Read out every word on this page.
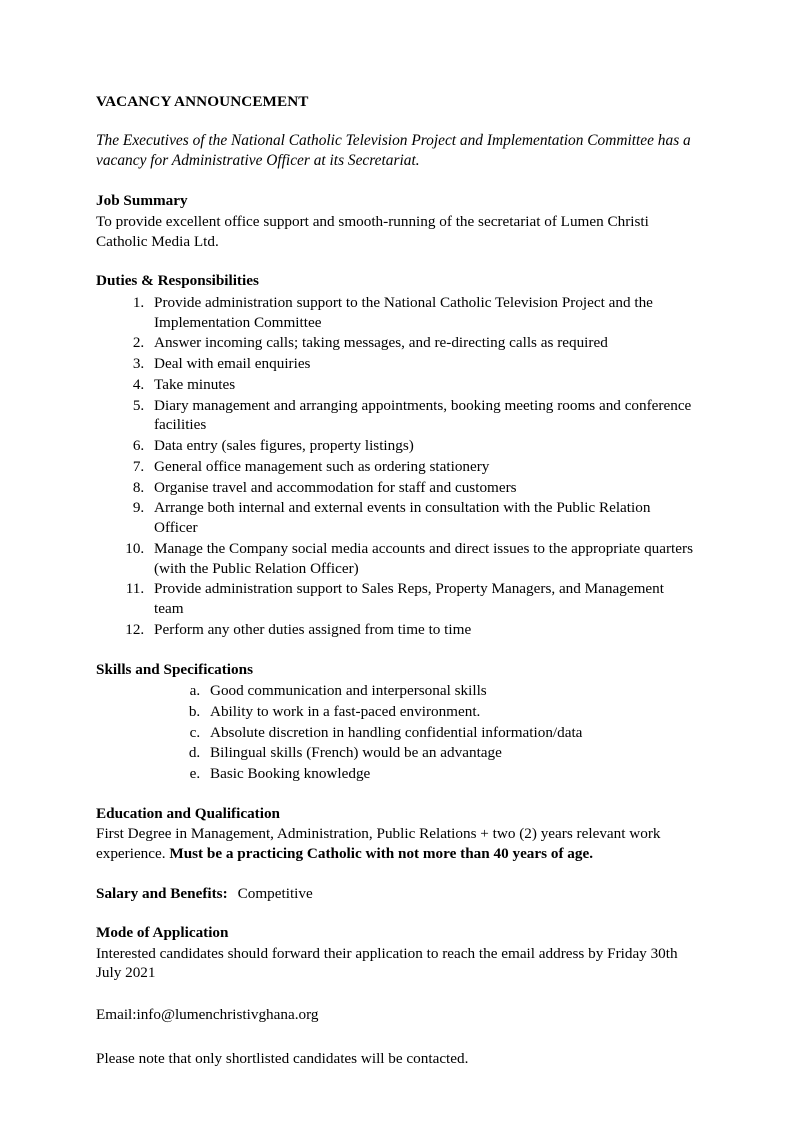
VACANCY ANNOUNCEMENT
The Executives of the National Catholic Television Project and Implementation Committee has a vacancy for Administrative Officer at its Secretariat.
Job Summary
To provide excellent office support and smooth-running of the secretariat of Lumen Christi Catholic Media Ltd.
Duties & Responsibilities
1. Provide administration support to the National Catholic Television Project and the Implementation Committee
2. Answer incoming calls; taking messages, and re-directing calls as required
3. Deal with email enquiries
4. Take minutes
5. Diary management and arranging appointments, booking meeting rooms and conference facilities
6. Data entry (sales figures, property listings)
7. General office management such as ordering stationery
8. Organise travel and accommodation for staff and customers
9. Arrange both internal and external events in consultation with the Public Relation Officer
10. Manage the Company social media accounts and direct issues to the appropriate quarters (with the Public Relation Officer)
11. Provide administration support to Sales Reps, Property Managers, and Management team
12. Perform any other duties assigned from time to time
Skills and Specifications
a. Good communication and interpersonal skills
b. Ability to work in a fast-paced environment.
c. Absolute discretion in handling confidential information/data
d. Bilingual skills (French) would be an advantage
e. Basic Booking knowledge
Education and Qualification
First Degree in Management, Administration, Public Relations + two (2) years relevant work experience. Must be a practicing Catholic with not more than 40 years of age.
Salary and Benefits: Competitive
Mode of Application
Interested candidates should forward their application to reach the email address by Friday 30th July 2021
Email:info@lumenchristivghana.org
Please note that only shortlisted candidates will be contacted.
